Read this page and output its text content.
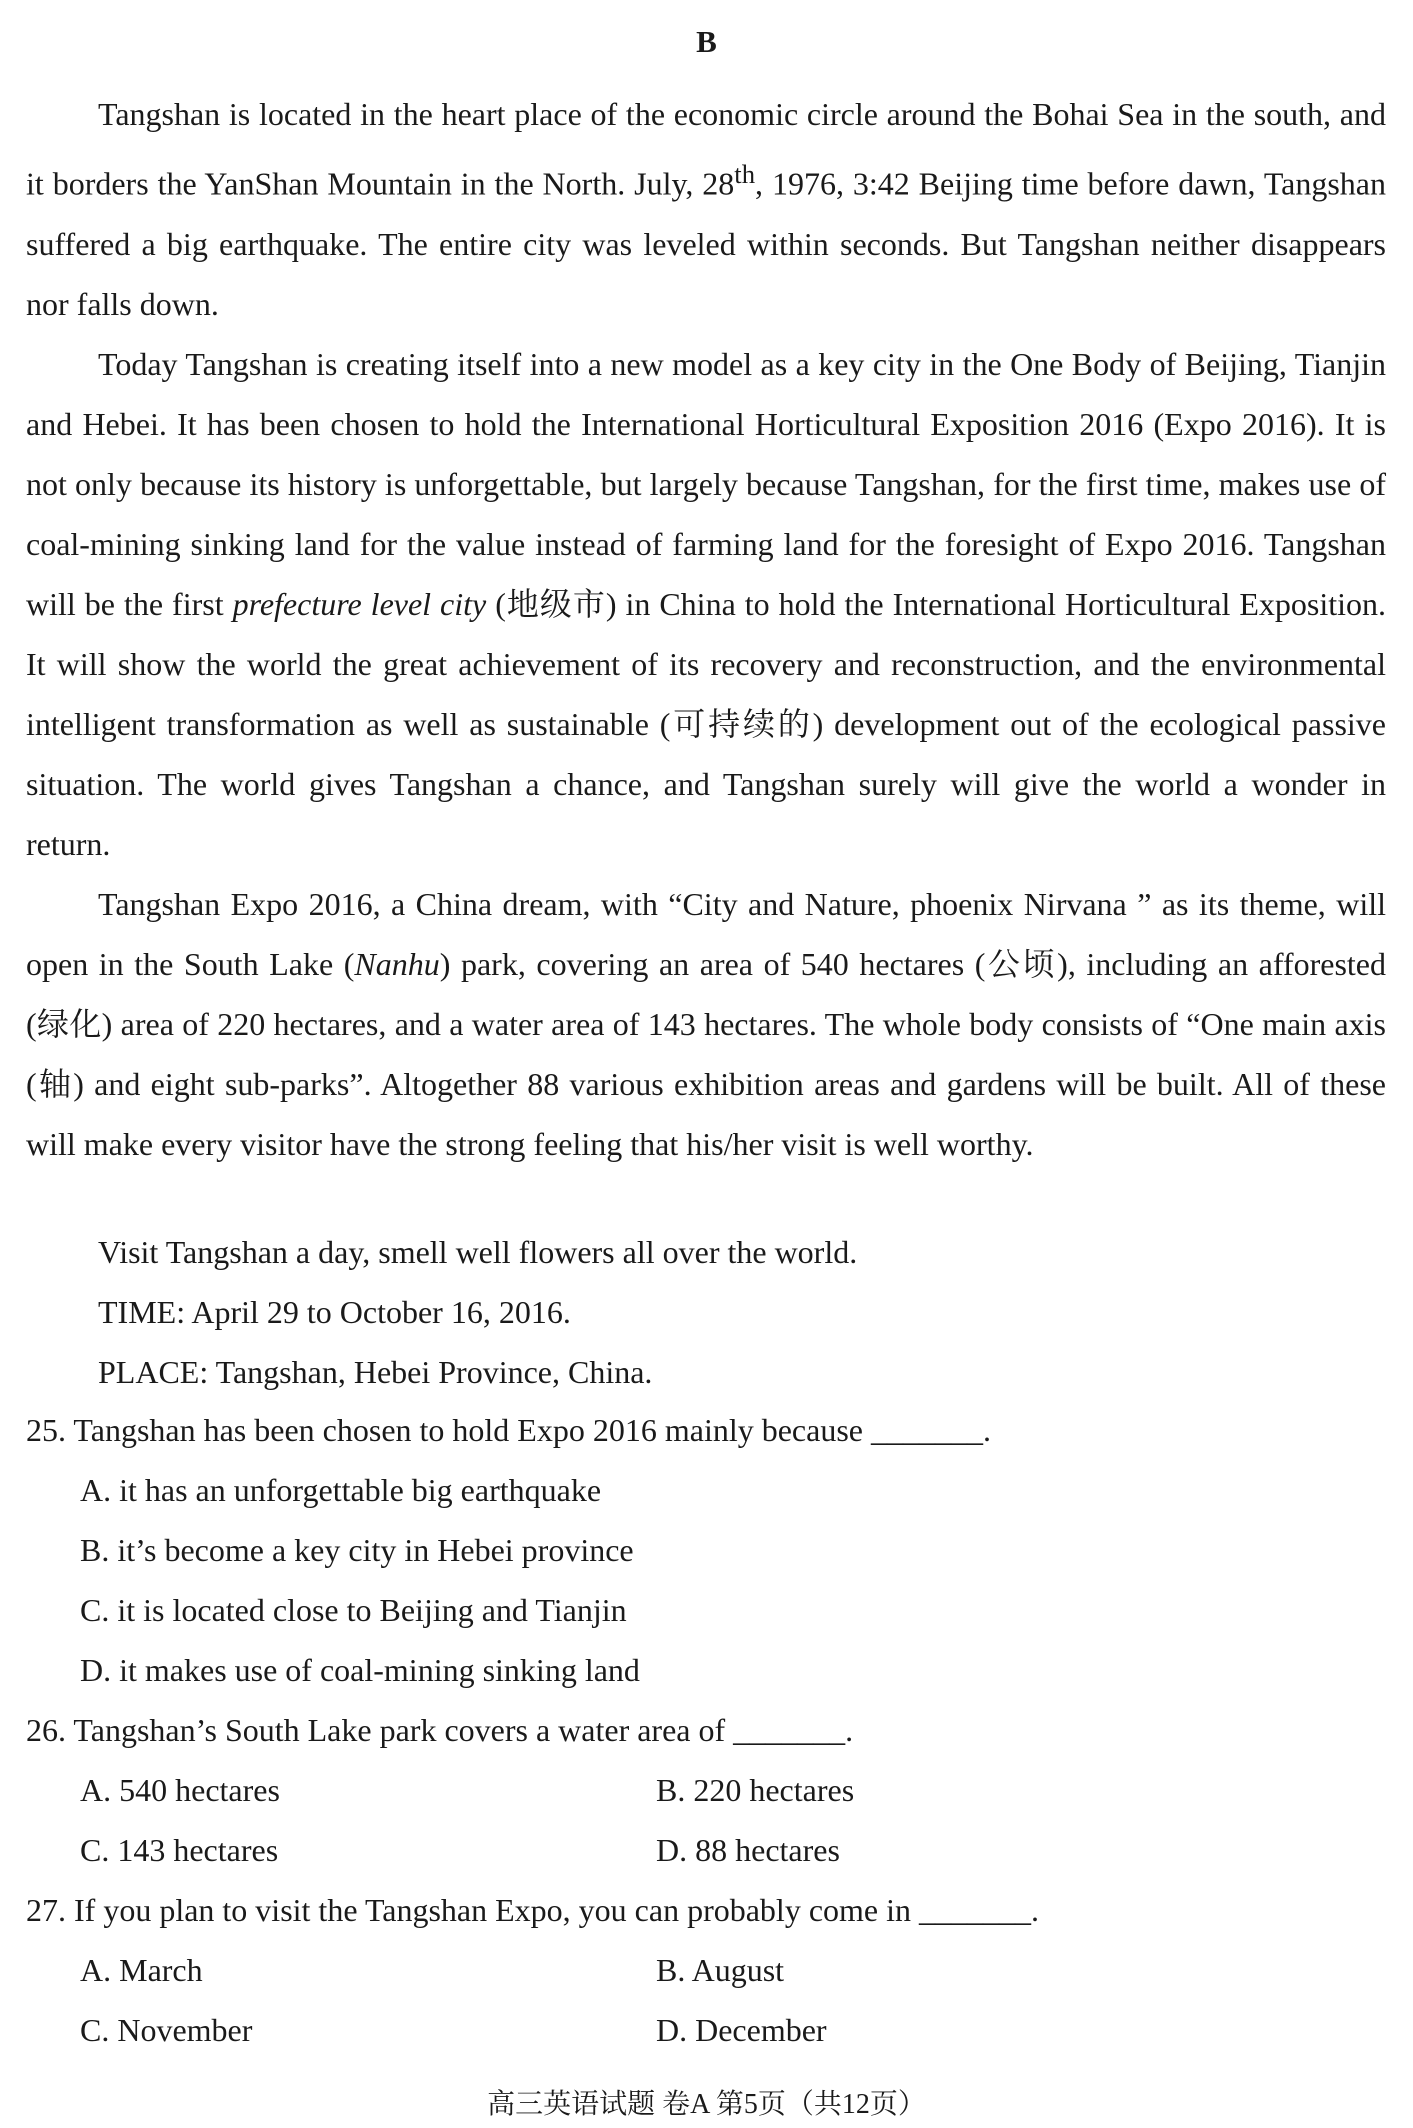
B

Tangshan is located in the heart place of the economic circle around the Bohai Sea in the south, and it borders the YanShan Mountain in the North. July, 28th, 1976, 3:42 Beijing time before dawn, Tangshan suffered a big earthquake. The entire city was leveled within seconds. But Tangshan neither disappears nor falls down.

Today Tangshan is creating itself into a new model as a key city in the One Body of Beijing, Tianjin and Hebei. It has been chosen to hold the International Horticultural Exposition 2016 (Expo 2016). It is not only because its history is unforgettable, but largely because Tangshan, for the first time, makes use of coal-mining sinking land for the value instead of farming land for the foresight of Expo 2016. Tangshan will be the first prefecture level city (地级市) in China to hold the International Horticultural Exposition. It will show the world the great achievement of its recovery and reconstruction, and the environmental intelligent transformation as well as sustainable (可持续的) development out of the ecological passive situation. The world gives Tangshan a chance, and Tangshan surely will give the world a wonder in return.

Tangshan Expo 2016, a China dream, with “City and Nature, phoenix Nirvana ” as its theme, will open in the South Lake (Nanhu) park, covering an area of 540 hectares (公顷), including an afforested (绿化) area of 220 hectares, and a water area of 143 hectares. The whole body consists of “One main axis (轴) and eight sub-parks”. Altogether 88 various exhibition areas and gardens will be built. All of these will make every visitor have the strong feeling that his/her visit is well worthy.

Visit Tangshan a day, smell well flowers all over the world.
TIME: April 29 to October 16, 2016.
PLACE: Tangshan, Hebei Province, China.
25. Tangshan has been chosen to hold Expo 2016 mainly because _______.
A. it has an unforgettable big earthquake
B. it’s become a key city in Hebei province
C. it is located close to Beijing and Tianjin
D. it makes use of coal-mining sinking land
26. Tangshan’s South Lake park covers a water area of _______.
A. 540 hectares	B. 220 hectares
C. 143 hectares	D. 88 hectares
27. If you plan to visit the Tangshan Expo, you can probably come in _______.
A. March	B. August
C. November	D. December
高三英语试题 卷A 第5页（共12页）
